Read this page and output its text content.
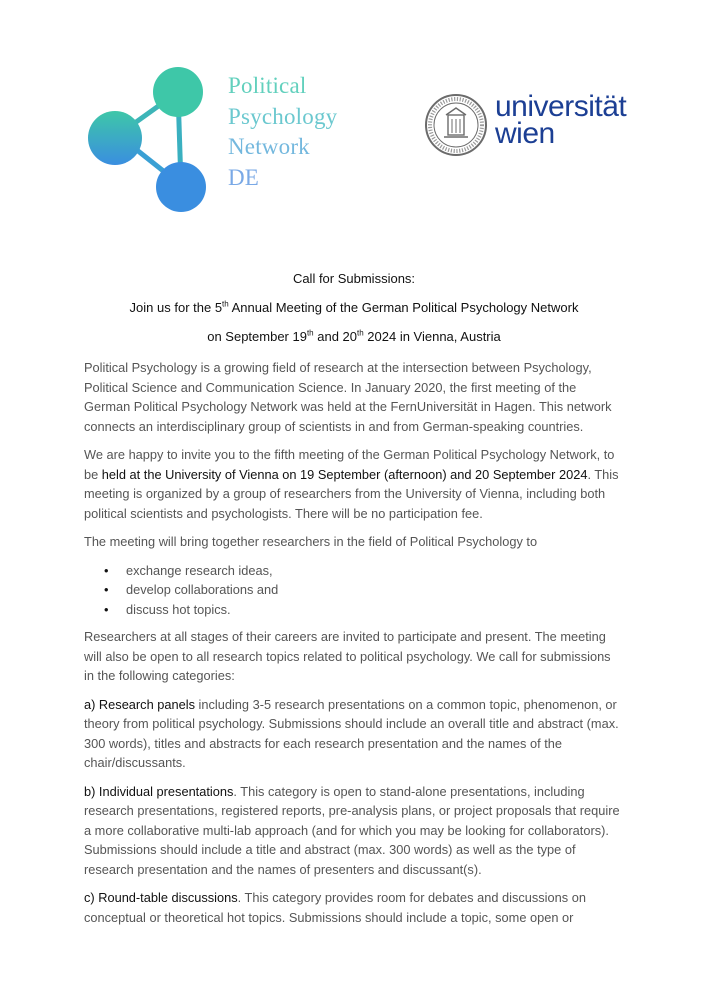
Political
Psychology
Network
DE
universität
wien
Call for Submissions:
Join us for the 5th Annual Meeting of the German Political Psychology Network
on September 19th and 20th 2024 in Vienna, Austria

Political Psychology is a growing field of research at the intersection between Psychology, Political Science and Communication Science. In January 2020, the first meeting of the German Political Psychology Network was held at the FernUniversität in Hagen. This network connects an interdisciplinary group of scientists in and from German-speaking countries.

We are happy to invite you to the fifth meeting of the German Political Psychology Network, to be held at the University of Vienna on 19 September (afternoon) and 20 September 2024. This meeting is organized by a group of researchers from the University of Vienna, including both political scientists and psychologists. There will be no participation fee.

The meeting will bring together researchers in the field of Political Psychology to

• exchange research ideas,
• develop collaborations and
• discuss hot topics.

Researchers at all stages of their careers are invited to participate and present. The meeting will also be open to all research topics related to political psychology. We call for submissions in the following categories:

a) Research panels including 3-5 research presentations on a common topic, phenomenon, or theory from political psychology. Submissions should include an overall title and abstract (max. 300 words), titles and abstracts for each research presentation and the names of the chair/discussants.

b) Individual presentations. This category is open to stand-alone presentations, including research presentations, registered reports, pre-analysis plans, or project proposals that require a more collaborative multi-lab approach (and for which you may be looking for collaborators). Submissions should include a title and abstract (max. 300 words) as well as the type of research presentation and the names of presenters and discussant(s).

c) Round-table discussions. This category provides room for debates and discussions on conceptual or theoretical hot topics. Submissions should include a topic, some open or
